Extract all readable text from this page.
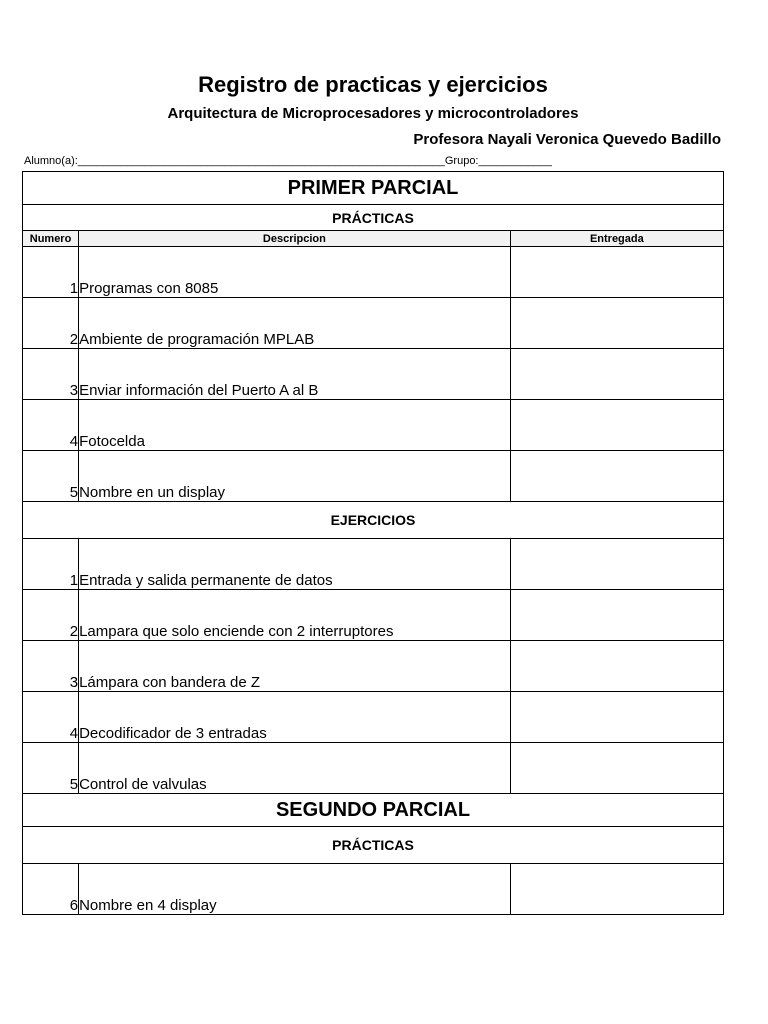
Registro de practicas y ejercicios
Arquitectura de Microprocesadores y microcontroladores
Profesora Nayali Veronica Quevedo Badillo
Alumno(a):____________________________________________________________Grupo:____________
PRIMER PARCIAL		
PRÁCTICAS		
Numero	Descripcion	Entregada
1	Programas con 8085	
2	Ambiente de programación MPLAB	
3	Enviar información del Puerto A al B	
4	Fotocelda	
5	Nombre en un display	
EJERCICIOS		
1	Entrada y salida permanente de datos	
2	Lampara que solo enciende con 2 interruptores	
3	Lámpara con bandera de Z	
4	Decodificador de 3 entradas	
5	Control de valvulas	
SEGUNDO PARCIAL		
PRÁCTICAS		
6	Nombre en 4 display	
